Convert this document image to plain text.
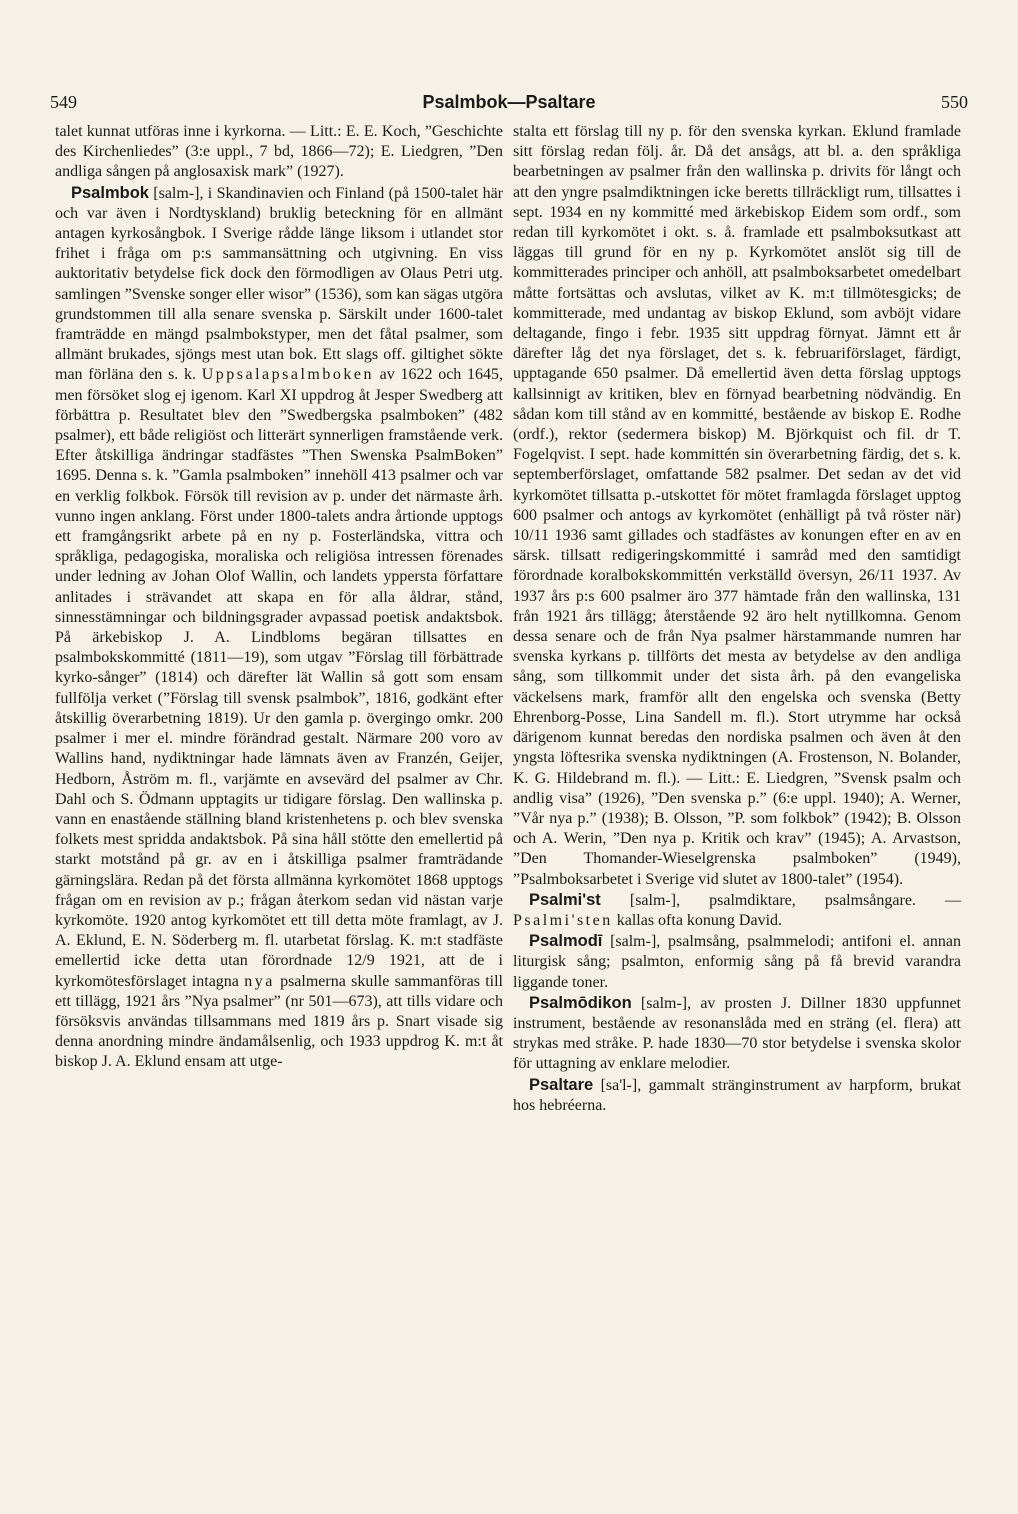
549	Psalmbok—Psaltare	550

talet kunnat utföras inne i kyrkorna. — Litt.: E. E. Koch, ”Geschichte des Kirchenliedes” (3:e uppl., 7 bd, 1866—72); E. Liedgren, ”Den andliga sången på anglosaxisk mark” (1927).

Psalmbok [salm-], i Skandinavien och Finland (på 1500-talet här och var även i Nordtyskland) bruklig beteckning för en allmänt antagen kyrkosångbok. I Sverige rådde länge liksom i utlandet stor frihet i fråga om p:s sammansättning och utgivning. En viss auktoritativ betydelse fick dock den förmodligen av Olaus Petri utg. samlingen ”Svenske songer eller wisor” (1536), som kan sägas utgöra grundstommen till alla senare svenska p. Särskilt under 1600-talet framträdde en mängd psalmbokstyper, men det fåtal psalmer, som allmänt brukades, sjöngs mest utan bok. Ett slags off. giltighet sökte man förläna den s. k. Uppsalapsalmboken av 1622 och 1645, men försöket slog ej igenom. Karl XI uppdrog åt Jesper Swedberg att förbättra p. Resultatet blev den ”Swedbergska psalmboken” (482 psalmer), ett både religiöst och litterärt synnerligen framstående verk. Efter åtskilliga ändringar stadfästes ”Then Swenska PsalmBoken” 1695. Denna s. k. ”Gamla psalmboken” innehöll 413 psalmer och var en verklig folkbok. Försök till revision av p. under det närmaste årh. vunno ingen anklang. Först under 1800-talets andra årtionde upptogs ett framgångsrikt arbete på en ny p. Fosterländska, vittra och språkliga, pedagogiska, moraliska och religiösa intressen förenades under ledning av Johan Olof Wallin, och landets yppersta författare anlitades i strävandet att skapa en för alla åldrar, stånd, sinnesstämningar och bildningsgrader avpassad poetisk andaktsbok. På ärkebiskop J. A. Lindbloms begäran tillsattes en psalmbokskommitté (1811—19), som utgav ”Förslag till förbättrade kyrko-sånger” (1814) och därefter lät Wallin så gott som ensam fullfölja verket (”Förslag till svensk psalmbok”, 1816, godkänt efter åtskillig överarbetning 1819). Ur den gamla p. övergingo omkr. 200 psalmer i mer el. mindre förändrad gestalt. Närmare 200 voro av Wallins hand, nydiktningar hade lämnats även av Franzén, Geijer, Hedborn, Åström m. fl., varjämte en avsevärd del psalmer av Chr. Dahl och S. Ödmann upptagits ur tidigare förslag. Den wallinska p. vann en enastående ställning bland kristenhetens p. och blev svenska folkets mest spridda andaktsbok. På sina håll stötte den emellertid på starkt motstånd på gr. av en i åtskilliga psalmer framträdande gärningslära. Redan på det första allmänna kyrkomötet 1868 upptogs frågan om en revision av p.; frågan återkom sedan vid nästan varje kyrkomöte. 1920 antog kyrkomötet ett till detta möte framlagt, av J. A. Eklund, E. N. Söderberg m. fl. utarbetat förslag. K. m:t stadfäste emellertid icke detta utan förordnade 12/9 1921, att de i kyrkomötesförslaget intagna nya psalmerna skulle sammanföras till ett tillägg, 1921 års ”Nya psalmer” (nr 501—673), att tills vidare och försöksvis användas tillsammans med 1819 års p. Snart visade sig denna anordning mindre ändamålsenlig, och 1933 uppdrog K. m:t åt biskop J. A. Eklund ensam att utge-

stalta ett förslag till ny p. för den svenska kyrkan. Eklund framlade sitt förslag redan följ. år. Då det ansågs, att bl. a. den språkliga bearbetningen av psalmer från den wallinska p. drivits för långt och att den yngre psalmdiktningen icke beretts tillräckligt rum, tillsattes i sept. 1934 en ny kommitté med ärkebiskop Eidem som ordf., som redan till kyrkomötet i okt. s. å. framlade ett psalmboksutkast att läggas till grund för en ny p. Kyrkomötet anslöt sig till de kommitterades principer och anhöll, att psalmboksarbetet omedelbart måtte fortsättas och avslutas, vilket av K. m:t tillmötesgicks; de kommitterade, med undantag av biskop Eklund, som avböjt vidare deltagande, fingo i febr. 1935 sitt uppdrag förnyat. Jämnt ett år därefter låg det nya förslaget, det s. k. februariförslaget, färdigt, upptagande 650 psalmer. Då emellertid även detta förslag upptogs kallsinnigt av kritiken, blev en förnyad bearbetning nödvändig. En sådan kom till stånd av en kommitté, bestående av biskop E. Rodhe (ordf.), rektor (sedermera biskop) M. Björkquist och fil. dr T. Fogelqvist. I sept. hade kommittén sin överarbetning färdig, det s. k. septemberförslaget, omfattande 582 psalmer. Det sedan av det vid kyrkomötet tillsatta p.-utskottet för mötet framlagda förslaget upptog 600 psalmer och antogs av kyrkomötet (enhälligt på två röster när) 10/11 1936 samt gillades och stadfästes av konungen efter en av en särsk. tillsatt redigeringskommitté i samråd med den samtidigt förordnade koralbokskommittén verkställd översyn, 26/11 1937. Av 1937 års p:s 600 psalmer äro 377 hämtade från den wallinska, 131 från 1921 års tillägg; återstående 92 äro helt nytillkomna. Genom dessa senare och de från Nya psalmer härstammande numren har svenska kyrkans p. tillförts det mesta av betydelse av den andliga sång, som tillkommit under det sista årh. på den evangeliska väckelsens mark, framför allt den engelska och svenska (Betty Ehrenborg-Posse, Lina Sandell m. fl.). Stort utrymme har också därigenom kunnat beredas den nordiska psalmen och även åt den yngsta löftesrika svenska nydiktningen (A. Frostenson, N. Bolander, K. G. Hildebrand m. fl.). — Litt.: E. Liedgren, ”Svensk psalm och andlig visa” (1926), ”Den svenska p.” (6:e uppl. 1940); A. Werner, ”Vår nya p.” (1938); B. Olsson, ”P. som folkbok” (1942); B. Olsson och A. Werin, ”Den nya p. Kritik och krav” (1945); A. Arvastson, ”Den Thomander-Wieselgrenska psalmboken” (1949), ”Psalmboksarbetet i Sverige vid slutet av 1800-talet” (1954).

Psalmi'st [salm-], psalmdiktare, psalmsångare. — Psalmi'sten kallas ofta konung David.

Psalmodī [salm-], psalmsång, psalmmelodi; antifoni el. annan liturgisk sång; psalmton, enformig sång på få brevid varandra liggande toner.

Psalmōdikon [salm-], av prosten J. Dillner 1830 uppfunnet instrument, bestående av resonanslåda med en sträng (el. flera) att strykas med stråke. P. hade 1830—70 stor betydelse i svenska skolor för uttagning av enklare melodier.

Psaltare [sa'l-], gammalt stränginstrument av harpform, brukat hos hebréerna.
